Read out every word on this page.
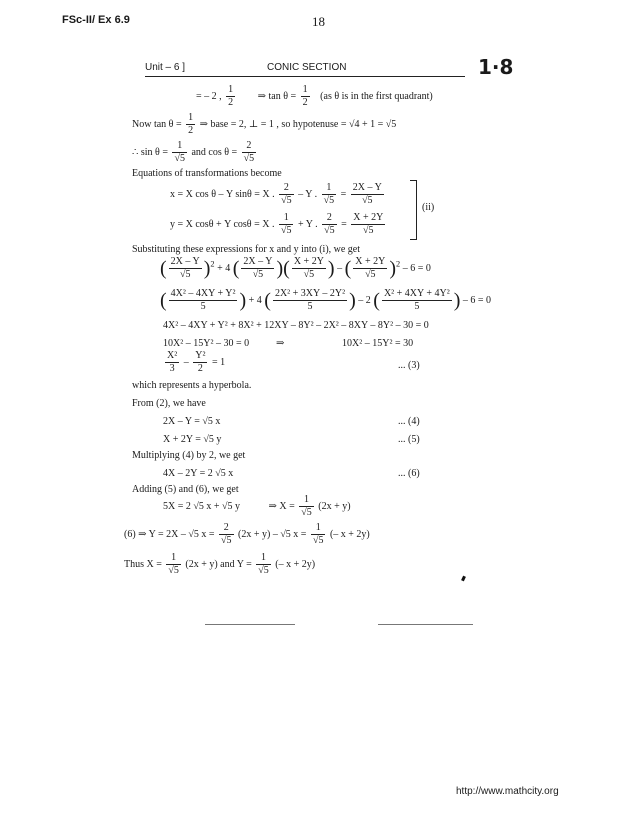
FSc-II/ Ex 6.9	18
Unit – 6 ]	CONIC SECTION	1·8
= – 2 , $\frac{1}{2}$ ⇒ $\tan \theta = \frac{1}{2} (as$ θ is in the first quadrant)
Now $\tan \theta = \frac{1}{2}$ ⇒ base = 2, ⊥ = 1 , so hypotenuse = √4 + 1 = √5
∴ $\sin \theta = \frac{1}{√5}$ and $\cos \theta = \frac{2}{√5}$
Equations of transformations become
x = X cos θ – Y sinθ = X . $\frac{2}{√5}$ – Y . $\frac{1}{√5} = \frac{2X - Y}{√5}$
y = X cosθ + Y cosθ = X . $\frac{1}{√5} + Y$ . $\frac{2}{√5} = \frac{X + 2Y}{√5}$
(ii)
Substituting these expressions for x and y into (i), we get
( $\frac{2X - Y}{√5} )^2 + 4$ ( $\frac{2X - Y}{√5}$ )( $\frac{X + 2Y}{√5}$ ) – ( $\frac{X + 2Y}{√5} )^2 - 6 = 0$
( $\frac{\text{4X² – 4XY + Y²}}{5}$ ) + 4 ( $\frac{\text{2X² + 3XY – 2Y²}}{5}$ ) – 2 ( $\frac{\text{X² + 4XY + 4Y²}}{5}$ ) – 6 = 0
4X² – 4XY + Y² + 8X² + 12XY – 8Y² – 2X² – 8XY – 8Y² – 30 = 0
10X² – 15Y² – 30 = 0	⇒	10X² – 15Y² = 30
$\frac{\text{X²}}{3} - \frac{\text{Y²}}{2} = 1$	... (3)
which represents a hyperbola.
From (2), we have
2X – Y = √5 x	... (4)
X + 2Y = √5 y	... (5)
Multiplying (4) by 2, we get
4X – 2Y = 2 √5 x	... (6)
Adding (5) and (6), we get
5X = 2 √5 x + √5 y	⇒ $X = \frac{1}{√5} (2x + y)$
(6) ⇒ Y = 2X – √5 $x = \frac{2}{√5} (2x + y) - √5$ $x = \frac{1}{√5}$ (– x + 2y)
Thus $X = \frac{1}{√5} (2x + y)$ and $Y = \frac{1}{√5}$ (– x + 2y)
http://www.mathcity.org
